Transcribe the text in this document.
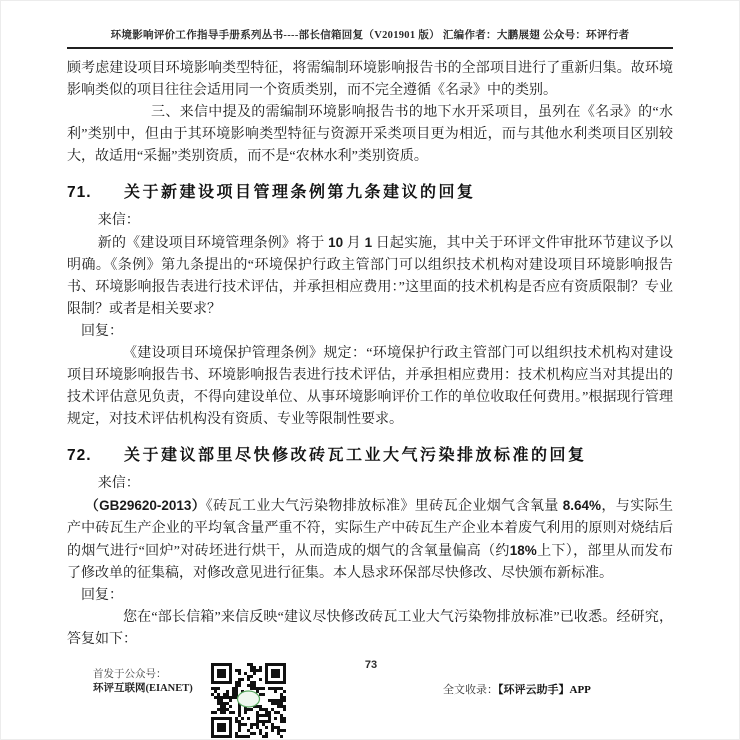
环境影响评价工作指导手册系列丛书----部长信箱回复（V201901 版） 汇编作者：大鹏展翅 公众号：环评行者

顾考虑建设项目环境影响类型特征，将需编制环境影响报告书的全部项目进行了重新归集。故环境影响类似的项目往往会适用同一个资质类别，而不完全遵循《名录》中的类别。

三、来信中提及的需编制环境影响报告书的地下水开采项目，虽列在《名录》的“水利”类别中，但由于其环境影响类型特征与资源开采类项目更为相近，而与其他水利类项目区别较大，故适用“采掘”类别资质，而不是“农林水利”类别资质。

71.	关于新建设项目管理条例第九条建议的回复

来信：

新的《建设项目环境管理条例》将于 10 月 1 日起实施，其中关于环评文件审批环节建议予以明确。《条例》第九条提出的“环境保护行政主管部门可以组织技术机构对建设项目环境影响报告书、环境影响报告表进行技术评估，并承担相应费用：”这里面的技术机构是否应有资质限制？专业限制？或者是相关要求？

回复：

《建设项目环境保护管理条例》规定：“环境保护行政主管部门可以组织技术机构对建设项目环境影响报告书、环境影响报告表进行技术评估，并承担相应费用：技术机构应当对其提出的技术评估意见负责，不得向建设单位、从事环境影响评价工作的单位收取任何费用。”根据现行管理规定，对技术评估机构没有资质、专业等限制性要求。

72.	关于建议部里尽快修改砖瓦工业大气污染排放标准的回复

来信：

（GB29620-2013）《砖瓦工业大气污染物排放标准》里砖瓦企业烟气含氧量 8.64%，与实际生产中砖瓦生产企业的平均氧含量严重不符，实际生产中砖瓦生产企业本着废气利用的原则对烧结后的烟气进行“回炉”对砖坯进行烘干，从而造成的烟气的含氧量偏高（约18%上下），部里从而发布了修改单的征集稿，对修改意见进行征集。本人恳求环保部尽快修改、尽快颁布新标准。

回复：

您在“部长信箱”来信反映“建议尽快修改砖瓦工业大气污染物排放标准”已收悉。经研究，答复如下：

73
首发于公众号：
环评互联网(EIANET)	全文收录：【环评云助手】APP
